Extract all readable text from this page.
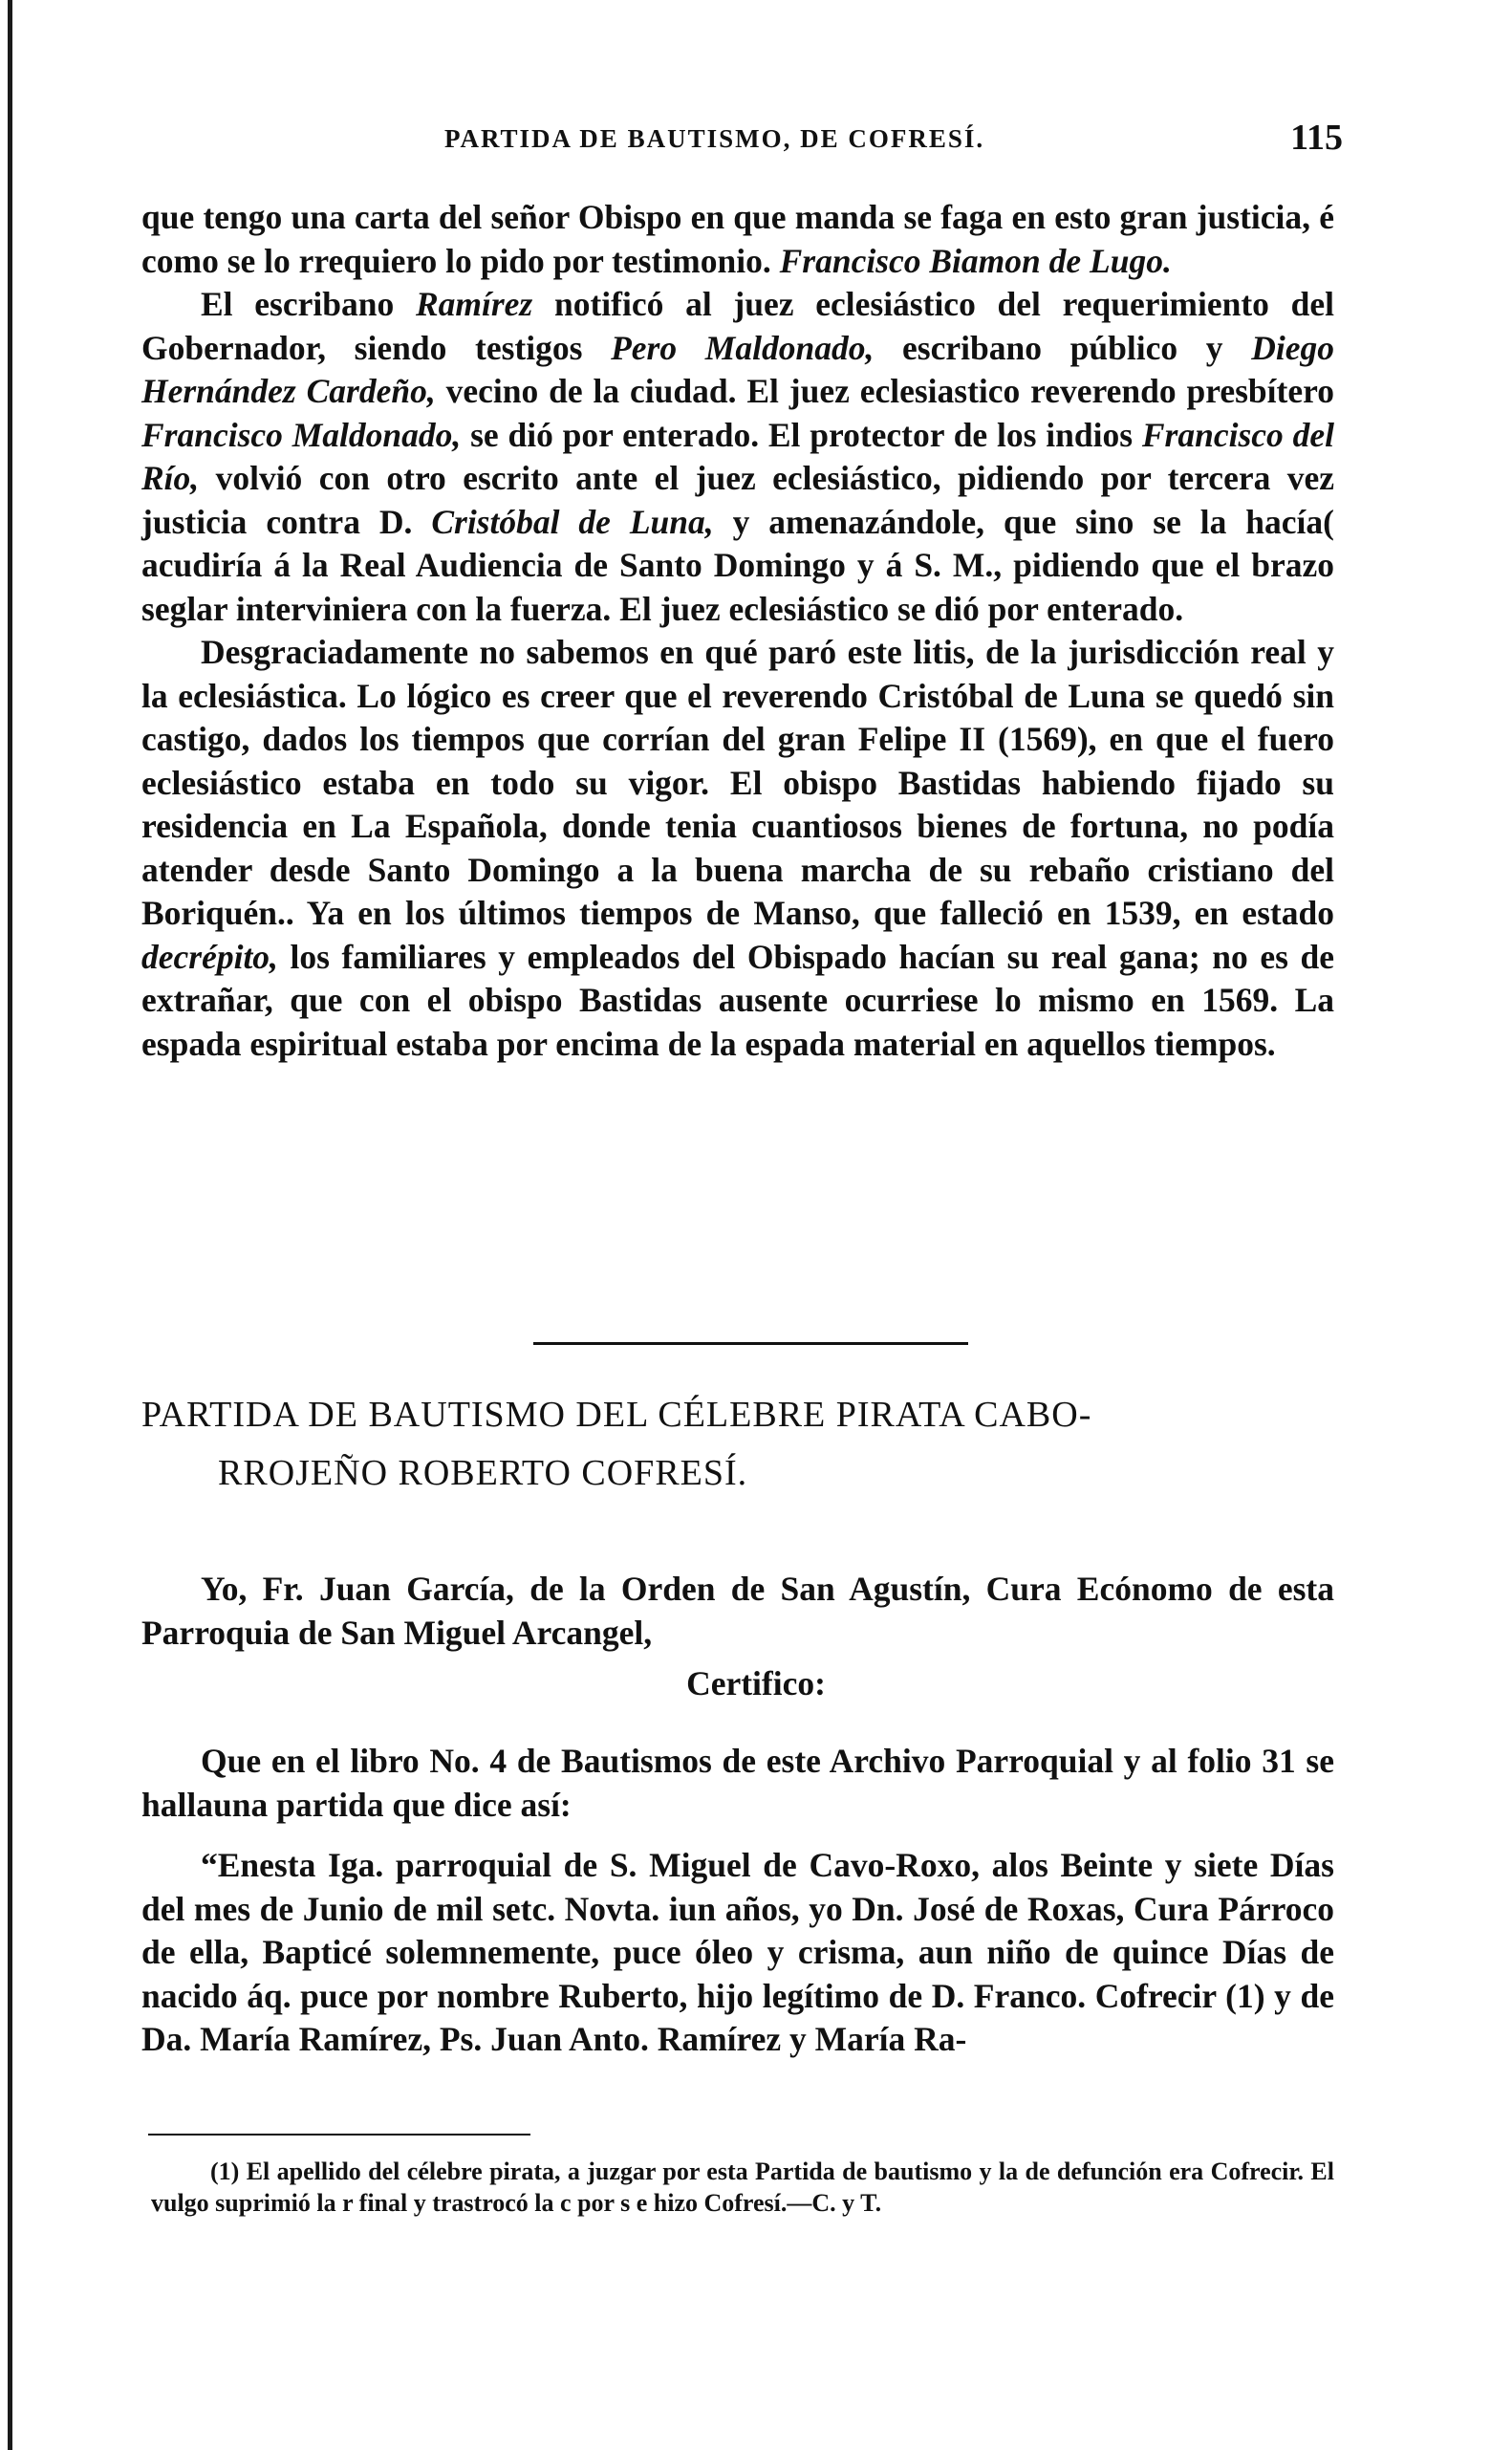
PARTIDA DE BAUTISMO, DE COFRESÍ.	115

que tengo una carta del señor Obispo en que manda se faga en esto gran justicia, é como se lo rrequiero lo pido por testimonio. Francisco Biamon de Lugo.

El escribano Ramírez notificó al juez eclesiástico del requerimiento del Gobernador, siendo testigos Pero Maldonado, escribano público y Diego Hernández Cardeño, vecino de la ciudad. El juez eclesiastico reverendo presbítero Francisco Maldonado, se dió por enterado. El protector de los indios Francisco del Río, volvió con otro escrito ante el juez eclesiástico, pidiendo por tercera vez justicia contra D. Cristóbal de Luna, y amenazándole, que sino se la hacía( acudiría á la Real Audiencia de Santo Domingo y á S. M., pidiendo que el brazo seglar interviniera con la fuerza. El juez eclesiástico se dió por enterado.

Desgraciadamente no sabemos en qué paró este litis, de la jurisdicción real y la eclesiástica. Lo lógico es creer que el reverendo Cristóbal de Luna se quedó sin castigo, dados los tiempos que corrían del gran Felipe II (1569), en que el fuero eclesiástico estaba en todo su vigor. El obispo Bastidas habiendo fijado su residencia en La Española, donde tenia cuantiosos bienes de fortuna, no podía atender desde Santo Domingo a la buena marcha de su rebaño cristiano del Boriquén.. Ya en los últimos tiempos de Manso, que falleció en 1539, en estado decrépito, los familiares y empleados del Obispado hacían su real gana; no es de extrañar, que con el obispo Bastidas ausente ocurriese lo mismo en 1569. La espada espiritual estaba por encima de la espada material en aquellos tiempos.

PARTIDA DE BAUTISMO DEL CÉLEBRE PIRATA CABO-
RROJEÑO ROBERTO COFRESÍ.

Yo, Fr. Juan García, de la Orden de San Agustín, Cura Ecónomo de esta Parroquia de San Miguel Arcangel,

Certifico:

Que en el libro No. 4 de Bautismos de este Archivo Parroquial y al folio 31 se hallauna partida que dice así:

“Enesta Iga. parroquial de S. Miguel de Cavo-Roxo, alos Beinte y siete Días del mes de Junio de mil setc. Novta. iun años, yo Dn. José de Roxas, Cura Párroco de ella, Bapticé solemnemente, puce óleo y crisma, aun niño de quince Días de nacido áq. puce por nombre Ruberto, hijo legítimo de D. Franco. Cofrecir (1) y de Da. María Ramírez, Ps. Juan Anto. Ramírez y María Ra-

(1) El apellido del célebre pirata, a juzgar por esta Partida de bautismo y la de defunción era Cofrecir. El vulgo suprimió la r final y trastrocó la c por s e hizo Cofresí.—C. y T.
